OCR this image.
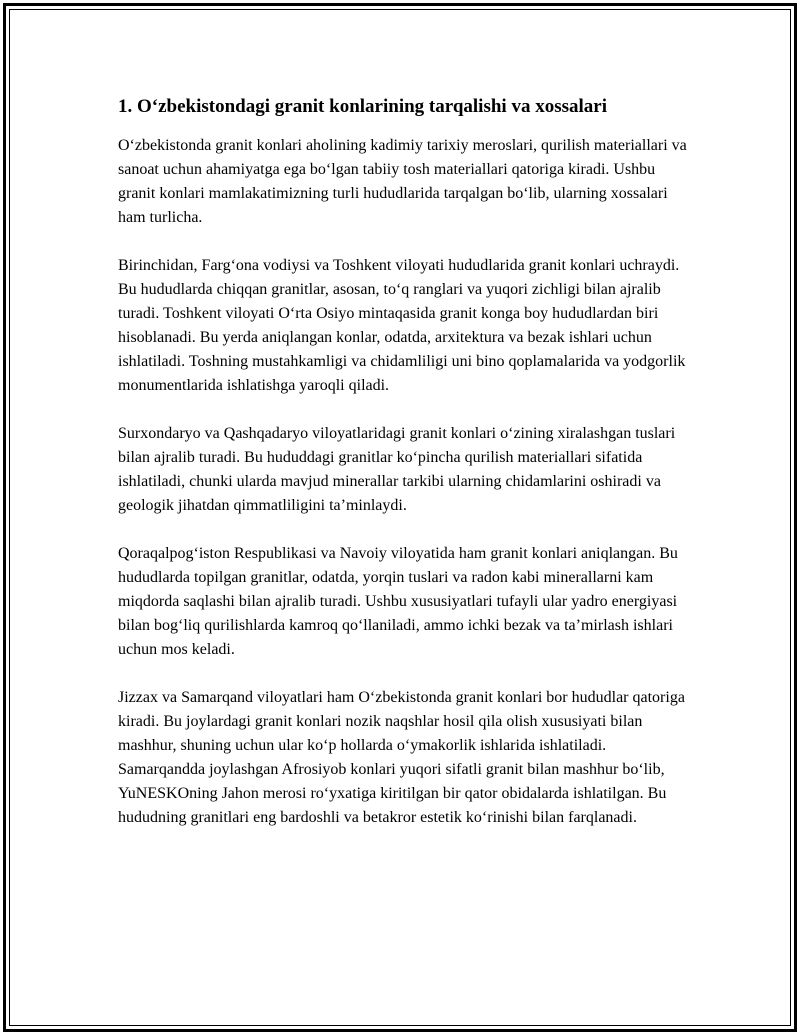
1. O‘zbekistondagi granit konlarining tarqalishi va xossalari

O‘zbekistonda granit konlari aholining kadimiy tarixiy meroslari, qurilish materiallari va sanoat uchun ahamiyatga ega bo‘lgan tabiiy tosh materiallari qatoriga kiradi. Ushbu granit konlari mamlakatimizning turli hududlarida tarqalgan bo‘lib, ularning xossalari ham turlicha.

Birinchidan, Farg‘ona vodiysi va Toshkent viloyati hududlarida granit konlari uchraydi. Bu hududlarda chiqqan granitlar, asosan, to‘q ranglari va yuqori zichligi bilan ajralib turadi. Toshkent viloyati O‘rta Osiyo mintaqasida granit konga boy hududlardan biri hisoblanadi. Bu yerda aniqlangan konlar, odatda, arxitektura va bezak ishlari uchun ishlatiladi. Toshning mustahkamligi va chidamliligi uni bino qoplamalarida va yodgorlik monumentlarida ishlatishga yaroqli qiladi.

Surxondaryo va Qashqadaryo viloyatlaridagi granit konlari o‘zining xiralashgan tuslari bilan ajralib turadi. Bu hududdagi granitlar ko‘pincha qurilish materiallari sifatida ishlatiladi, chunki ularda mavjud minerallar tarkibi ularning chidamlarini oshiradi va geologik jihatdan qimmatliligini ta’minlaydi.

Qoraqalpog‘iston Respublikasi va Navoiy viloyatida ham granit konlari aniqlangan. Bu hududlarda topilgan granitlar, odatda, yorqin tuslari va radon kabi minerallarni kam miqdorda saqlashi bilan ajralib turadi. Ushbu xususiyatlari tufayli ular yadro energiyasi bilan bog‘liq qurilishlarda kamroq qo‘llaniladi, ammo ichki bezak va ta’mirlash ishlari uchun mos keladi.

Jizzax va Samarqand viloyatlari ham O‘zbekistonda granit konlari bor hududlar qatoriga kiradi. Bu joylardagi granit konlari nozik naqshlar hosil qila olish xususiyati bilan mashhur, shuning uchun ular ko‘p hollarda o‘ymakorlik ishlarida ishlatiladi. Samarqandda joylashgan Afrosiyob konlari yuqori sifatli granit bilan mashhur bo‘lib, YuNESKOning Jahon merosi ro‘yxatiga kiritilgan bir qator obidalarda ishlatilgan. Bu hududning granitlari eng bardoshli va betakror estetik ko‘rinishi bilan farqlanadi.
